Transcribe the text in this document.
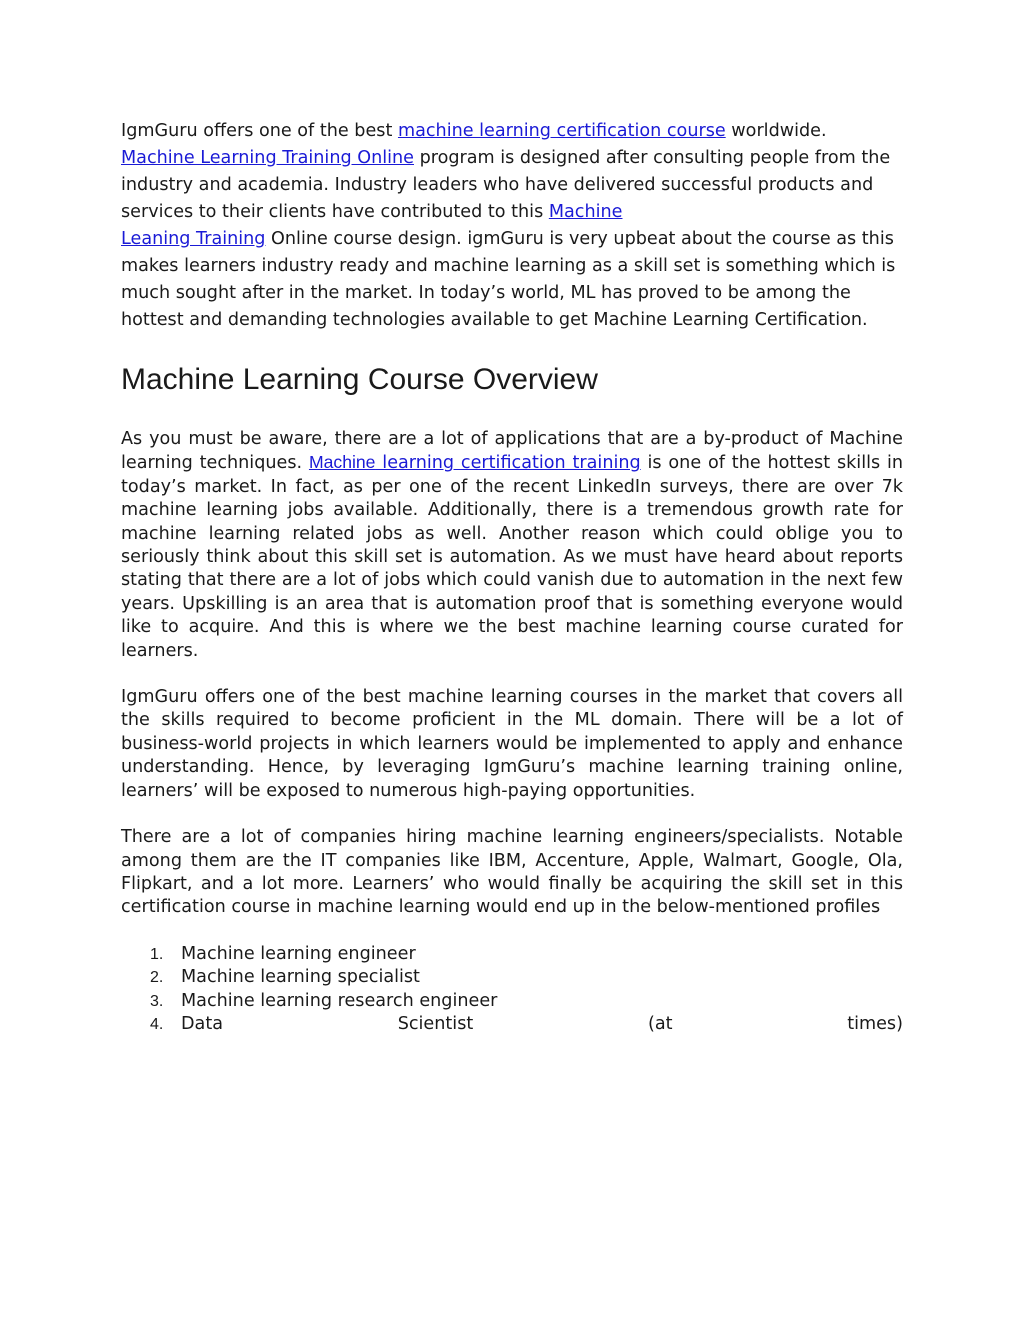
IgmGuru offers one of the best machine learning certification course worldwide. Machine Learning Training Online program is designed after consulting people from the industry and academia. Industry leaders who have delivered successful products and services to their clients have contributed to this Machine
Leaning Training Online course design. igmGuru is very upbeat about the course as this makes learners industry ready and machine learning as a skill set is something which is much sought after in the market. In today’s world, ML has proved to be among the hottest and demanding technologies available to get Machine Learning Certification.

Machine Learning Course Overview

As you must be aware, there are a lot of applications that are a by-product of Machine learning techniques. Machine learning certification training is one of the hottest skills in today’s market. In fact, as per one of the recent LinkedIn surveys, there are over 7k machine learning jobs available. Additionally, there is a tremendous growth rate for machine learning related jobs as well. Another reason which could oblige you to seriously think about this skill set is automation. As we must have heard about reports stating that there are a lot of jobs which could vanish due to automation in the next few years. Upskilling is an area that is automation proof that is something everyone would like to acquire. And this is where we the best machine learning course curated for learners.

IgmGuru offers one of the best machine learning courses in the market that covers all the skills required to become proficient in the ML domain. There will be a lot of business-world projects in which learners would be implemented to apply and enhance understanding. Hence, by leveraging IgmGuru’s machine learning training online, learners’ will be exposed to numerous high-paying opportunities.

There are a lot of companies hiring machine learning engineers/specialists. Notable among them are the IT companies like IBM, Accenture, Apple, Walmart, Google, Ola, Flipkart, and a lot more. Learners’ who would finally be acquiring the skill set in this certification course in machine learning would end up in the below-mentioned profiles

1. Machine learning engineer
2. Machine learning specialist
3. Machine learning research engineer
4. Data	Scientist	(at	times)
